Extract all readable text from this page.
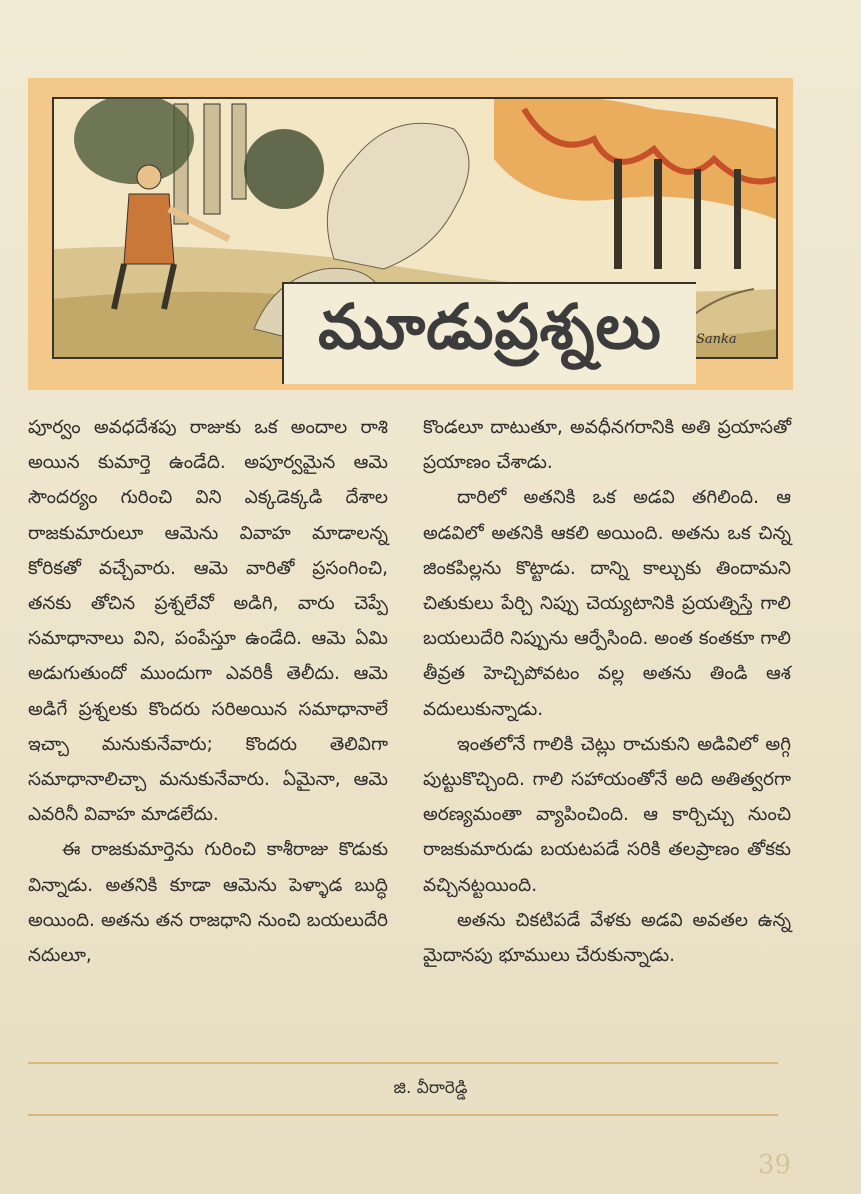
మూడుప్రశ్నలు	Sanka

పూర్వం అవధదేశపు రాజుకు ఒక అందాల రాశి అయిన కుమార్తె ఉండేది. అపూర్వమైన ఆమె సౌందర్యం గురించి విని ఎక్కడెక్కడి దేశాల రాజకుమారులూ ఆమెను వివాహ మాడాలన్న కోరికతో వచ్చేవారు. ఆమె వారితో ప్రసంగించి, తనకు తోచిన ప్రశ్నలేవో అడిగి, వారు చెప్పే సమాధానాలు విని, పంపేస్తూ ఉండేది. ఆమె ఏమి అడుగుతుందో ముందుగా ఎవరికీ తెలీదు. ఆమె అడిగే ప్రశ్నలకు కొందరు సరిఅయిన సమాధానాలే ఇచ్చా మనుకునేవారు; కొందరు తెలివిగా సమాధానాలిచ్చా మనుకునేవారు. ఏమైనా, ఆమె ఎవరినీ వివాహ మాడలేదు.

ఈ రాజకుమార్తెను గురించి కాశీరాజు కొడుకు విన్నాడు. అతనికి కూడా ఆమెను పెళ్ళాడ బుద్ధి అయింది. అతను తన రాజధాని నుంచి బయలుదేరి నదులూ,

కొండలూ దాటుతూ, అవధీనగరానికి అతి ప్రయాసతో ప్రయాణం చేశాడు.

దారిలో అతనికి ఒక అడవి తగిలింది. ఆ అడవిలో అతనికి ఆకలి అయింది. అతను ఒక చిన్న జింకపిల్లను కొట్టాడు. దాన్ని కాల్చుకు తిందామని చితుకులు పేర్చి నిప్పు చెయ్యటానికి ప్రయత్నిస్తే గాలి బయలుదేరి నిప్పును ఆర్పేసింది. అంత కంతకూ గాలి తీవ్రత హెచ్చిపోవటం వల్ల అతను తిండి ఆశ వదులుకున్నాడు.

ఇంతలోనే గాలికి చెట్లు రాచుకుని అడివిలో అగ్గి పుట్టుకొచ్చింది. గాలి సహాయంతోనే అది అతిత్వరగా అరణ్యమంతా వ్యాపించింది. ఆ కార్చిచ్చు నుంచి రాజకుమారుడు బయటపడే సరికి తలప్రాణం తోకకు వచ్చినట్టయింది.

అతను చికటిపడే వేళకు అడవి అవతల ఉన్న మైదానపు భూములు చేరుకున్నాడు.

జి. వీరారెడ్డి
39
